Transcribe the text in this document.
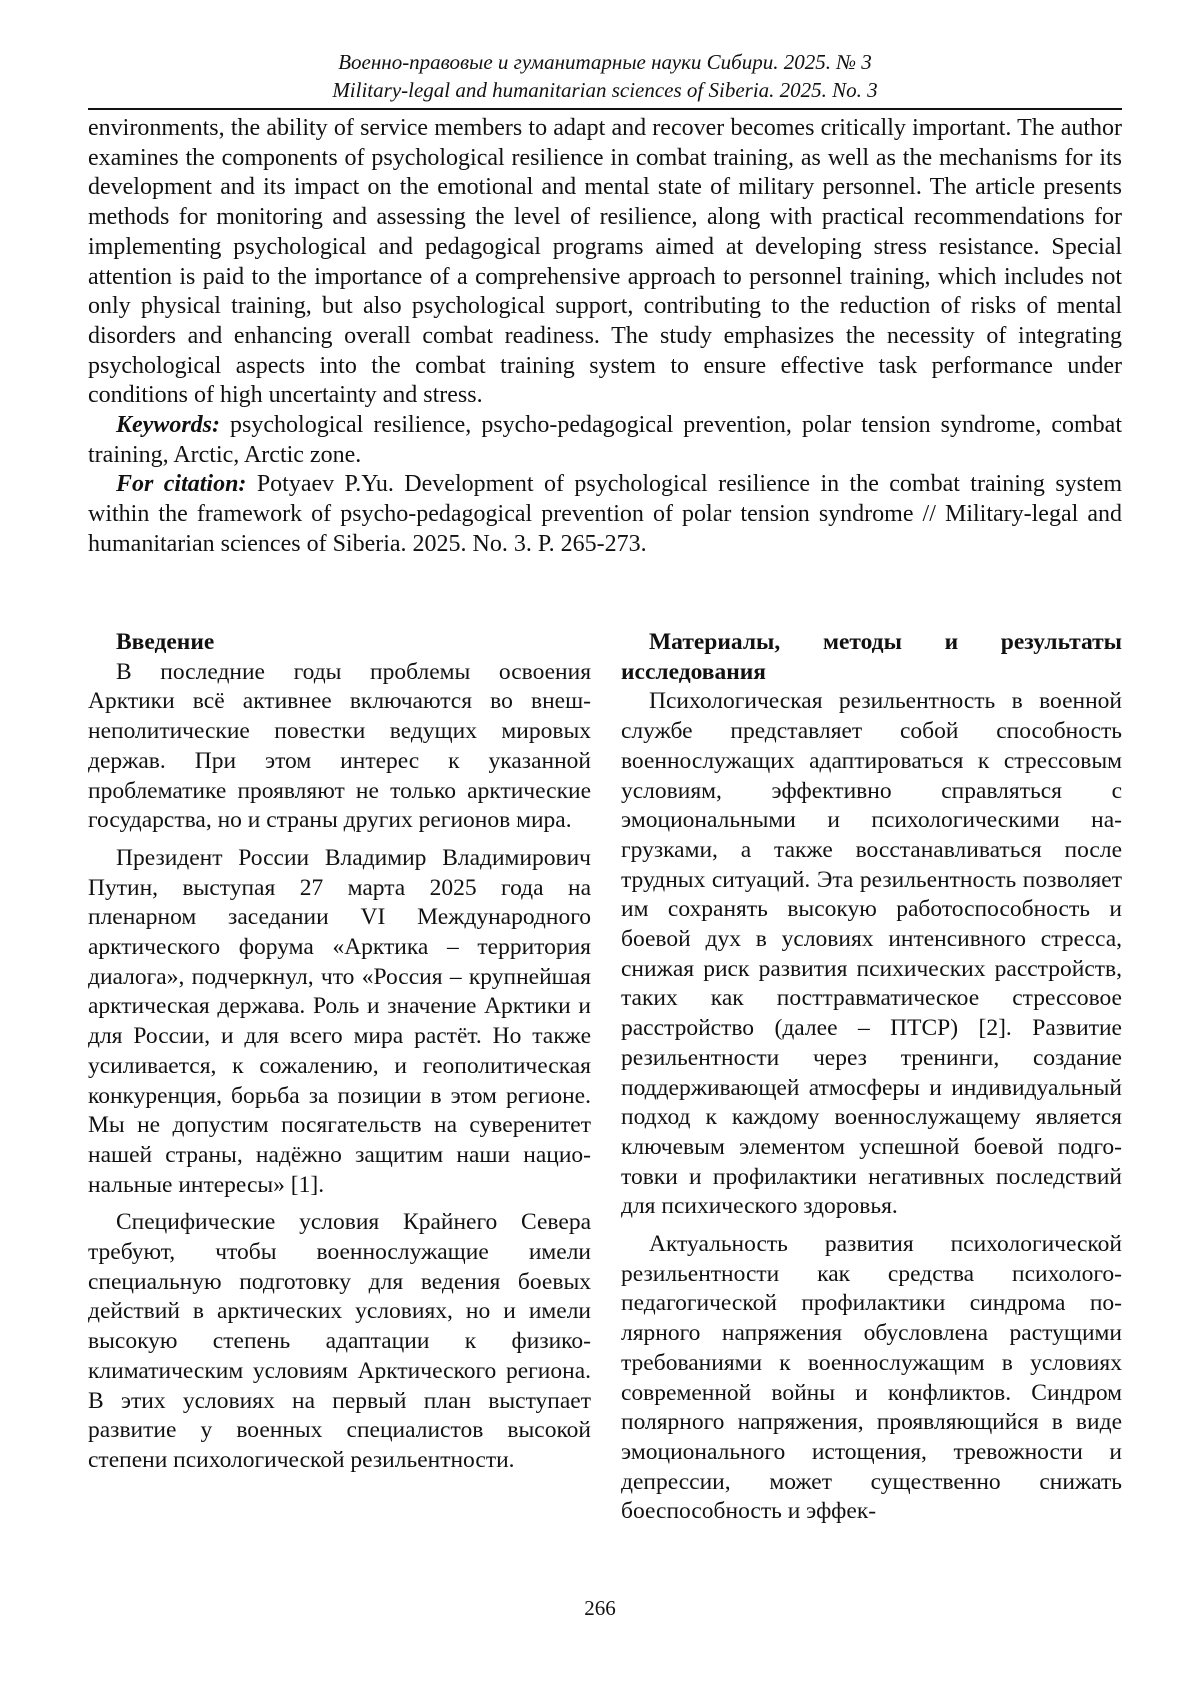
Военно-правовые и гуманитарные науки Сибири. 2025. № 3
Military-legal and humanitarian sciences of Siberia. 2025. No. 3

environments, the ability of service members to adapt and recover becomes critically important. The author examines the components of psychological resilience in combat training, as well as the mechanisms for its development and its impact on the emotional and mental state of military personnel. The article presents methods for monitoring and assessing the level of resilience, along with practical recommendations for implementing psychological and pedagogical programs aimed at developing stress resistance. Special attention is paid to the importance of a comprehensive approach to personnel training, which includes not only physical training, but also psychological support, contributing to the reduction of risks of mental disorders and enhancing overall combat readiness. The study emphasizes the necessity of integrating psychological aspects into the combat training system to ensure effective task performance under conditions of high uncertainty and stress.

Keywords: psychological resilience, psycho-pedagogical prevention, polar tension syndrome, combat training, Arctic, Arctic zone.

For citation: Potyaev P.Yu. Development of psychological resilience in the combat training system within the framework of psycho-pedagogical prevention of polar tension syndrome // Military-legal and humanitarian sciences of Siberia. 2025. No. 3. P. 265-273.

Введение

В последние годы проблемы освоения Арктики всё активнее включаются во внешнеполитические повестки ведущих мировых держав. При этом интерес к указанной проблематике проявляют не только арктические государства, но и страны других регионов мира.

Президент России Владимир Владимирович Путин, выступая 27 марта 2025 года на пленарном заседании VI Международного арктического форума «Арктика – территория диалога», подчеркнул, что «Россия – крупнейшая арктическая держава. Роль и значение Арктики и для России, и для всего мира растёт. Но также усиливается, к сожалению, и геополитическая конкуренция, борьба за позиции в этом регионе. Мы не допустим посягательств на суверенитет нашей страны, надёжно защитим наши национальные интересы» [1].

Специфические условия Крайнего Севера требуют, чтобы военнослужащие имели специальную подготовку для ведения боевых действий в арктических условиях, но и имели высокую степень адаптации к физико-климатическим условиям Арктического региона. В этих условиях на первый план выступает развитие у военных специалистов высокой степени психологической резильентности.

Материалы, методы и результаты исследования

Психологическая резильентность в военной службе представляет собой способность военнослужащих адаптироваться к стрессовым условиям, эффективно справляться с эмоциональными и психологическими нагрузками, а также восстанавливаться после трудных ситуаций. Эта резильентность позволяет им сохранять высокую работоспособность и боевой дух в условиях интенсивного стресса, снижая риск развития психических расстройств, таких как посттравматическое стрессовое расстройство (далее – ПТСР) [2]. Развитие резильентности через тренинги, создание поддерживающей атмосферы и индивидуальный подход к каждому военнослужащему является ключевым элементом успешной боевой подготовки и профилактики негативных последствий для психического здоровья.

Актуальность развития психологической резильентности как средства психолого-педагогической профилактики синдрома полярного напряжения обусловлена растущими требованиями к военнослужащим в условиях современной войны и конфликтов. Синдром полярного напряжения, проявляющийся в виде эмоционального истощения, тревожности и депрессии, может существенно снижать боеспособность и эффек-

266
